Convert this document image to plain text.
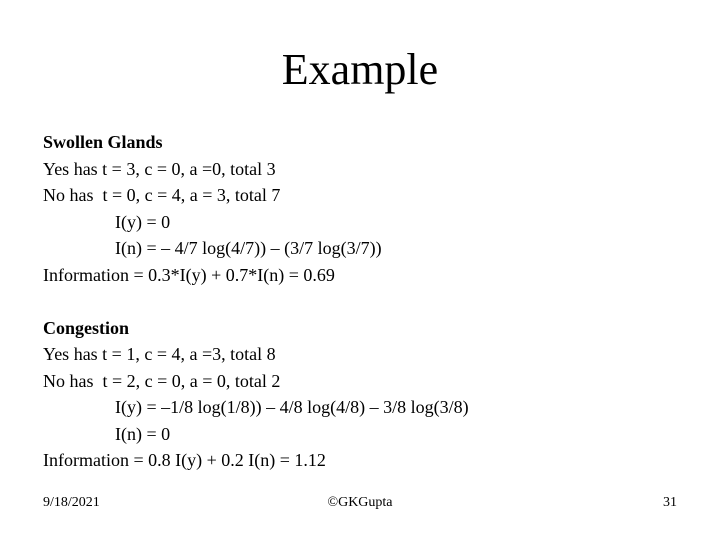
Example
Swollen Glands
Yes has t = 3, c = 0, a =0, total 3
No has  t = 0, c = 4, a = 3, total 7
I(y) = 0
I(n) = – 4/7 log(4/7)) – (3/7 log(3/7))
Information = 0.3*I(y) + 0.7*I(n) = 0.69
Congestion
Yes has t = 1, c = 4, a =3, total 8
No has  t = 2, c = 0, a = 0, total 2
I(y) = –1/8 log(1/8)) – 4/8 log(4/8) – 3/8 log(3/8)
I(n) = 0
Information = 0.8 I(y) + 0.2 I(n) = 1.12
9/18/2021	©GKGupta	31
